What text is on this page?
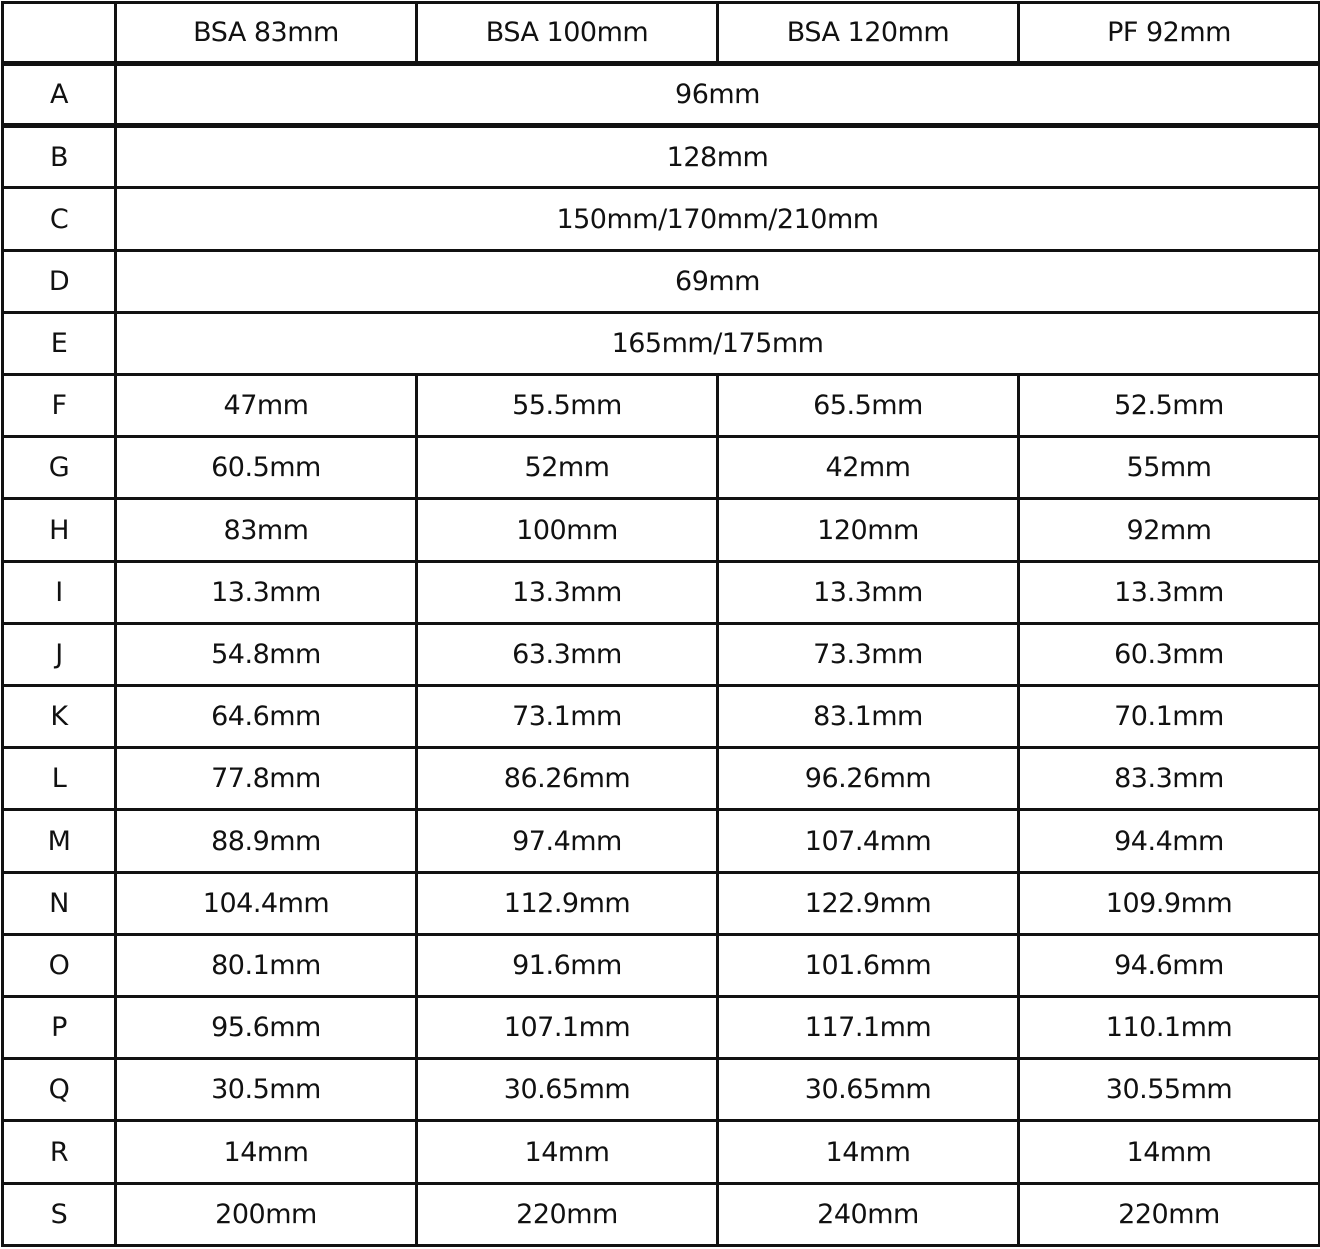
	BSA 83mm	BSA 100mm	BSA 120mm	PF 92mm
A	96mm			
B	128mm			
C	150mm/170mm/210mm			
D	69mm			
E	165mm/175mm			
F	47mm	55.5mm	65.5mm	52.5mm
G	60.5mm	52mm	42mm	55mm
H	83mm	100mm	120mm	92mm
I	13.3mm	13.3mm	13.3mm	13.3mm
J	54.8mm	63.3mm	73.3mm	60.3mm
K	64.6mm	73.1mm	83.1mm	70.1mm
L	77.8mm	86.26mm	96.26mm	83.3mm
M	88.9mm	97.4mm	107.4mm	94.4mm
N	104.4mm	112.9mm	122.9mm	109.9mm
O	80.1mm	91.6mm	101.6mm	94.6mm
P	95.6mm	107.1mm	117.1mm	110.1mm
Q	30.5mm	30.65mm	30.65mm	30.55mm
R	14mm	14mm	14mm	14mm
S	200mm	220mm	240mm	220mm
